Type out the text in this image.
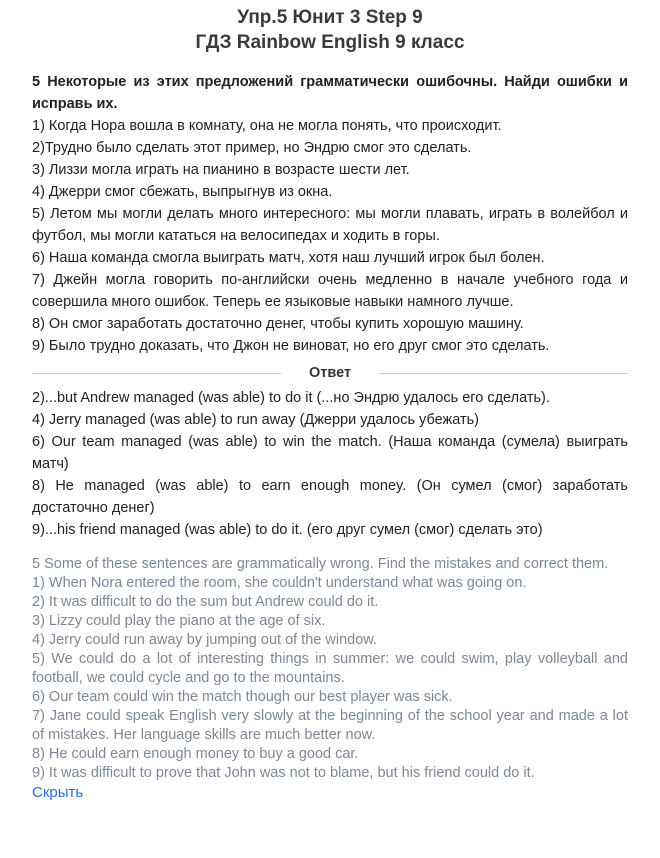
Упр.5 Юнит 3 Step 9
ГДЗ Rainbow English 9 класс
5 Некоторые из этих предложений грамматически ошибочны. Найди ошибки и исправь их.
1) Когда Нора вошла в комнату, она не могла понять, что происходит.
2)Трудно было сделать этот пример, но Эндрю смог это сделать.
3) Лиззи могла играть на пианино в возрасте шести лет.
4) Джерри смог сбежать, выпрыгнув из окна.
5) Летом мы могли делать много интересного: мы могли плавать, играть в волейбол и футбол, мы могли кататься на велосипедах и ходить в горы.
6) Наша команда смогла выиграть матч, хотя наш лучший игрок был болен.
7) Джейн могла говорить по-английски очень медленно в начале учебного года и совершила много ошибок. Теперь ее языковые навыки намного лучше.
8) Он смог заработать достаточно денег, чтобы купить хорошую машину.
9) Было трудно доказать, что Джон не виноват, но его друг смог это сделать.
Ответ
2)...but Andrew managed (was able) to do it (...но Эндрю удалось его сделать).
4) Jerry managed (was able) to run away (Джерри удалось убежать)
6) Our team managed (was able) to win the match. (Наша команда (сумела) выиграть матч)
8) He managed (was able) to earn enough money. (Он сумел (смог) заработать достаточно денег)
9)...his friend managed (was able) to do it. (его друг сумел (смог) сделать это)
5 Some of these sentences are grammatically wrong. Find the mistakes and correct them.
1) When Nora entered the room, she couldn't understand what was going on.
2) It was difficult to do the sum but Andrew could do it.
3) Lizzy could play the piano at the age of six.
4) Jerry could run away by jumping out of the window.
5) We could do a lot of interesting things in summer: we could swim, play volleyball and football, we could cycle and go to the mountains.
6) Our team could win the match though our best player was sick.
7) Jane could speak English very slowly at the beginning of the school year and made a lot of mistakes. Her language skills are much better now.
8) He could earn enough money to buy a good car.
9) It was difficult to prove that John was not to blame, but his friend could do it.
Скрыть
